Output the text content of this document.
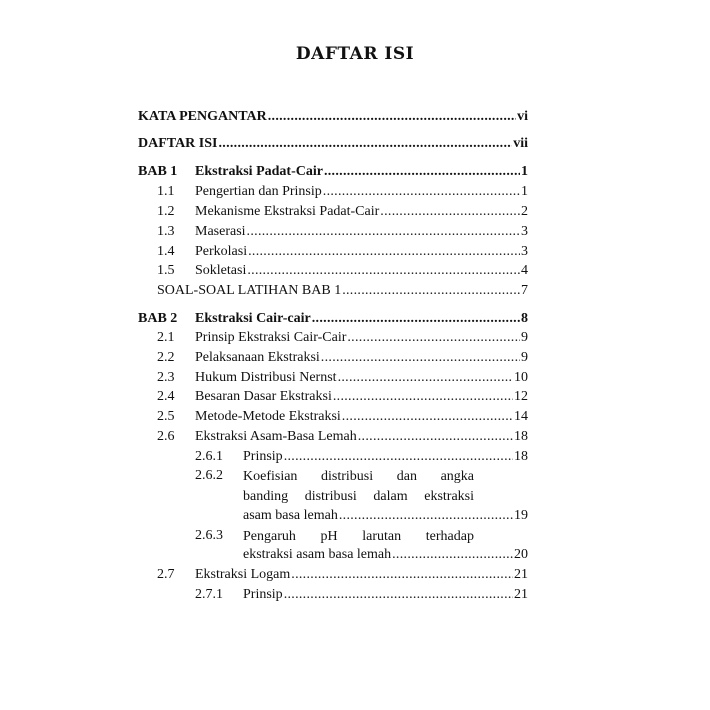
DAFTAR ISI
KATA PENGANTAR .....	vi
DAFTAR ISI .....	vii
BAB 1	Ekstraksi Padat-Cair .....	1
1.1	Pengertian dan Prinsip .....	1
1.2	Mekanisme Ekstraksi Padat-Cair .....	2
1.3	Maserasi .....	3
1.4	Perkolasi .....	3
1.5	Sokletasi .....	4
SOAL-SOAL LATIHAN BAB 1 .....	7
BAB 2	Ekstraksi Cair-cair .....	8
2.1	Prinsip Ekstraksi Cair-Cair .....	9
2.2	Pelaksanaan Ekstraksi .....	9
2.3	Hukum Distribusi Nernst .....	10
2.4	Besaran Dasar Ekstraksi .....	12
2.5	Metode-Metode Ekstraksi .....	14
2.6	Ekstraksi Asam-Basa Lemah .....	18
2.6.1	Prinsip .....	18
2.6.2 Koefisian distribusi dan angka
banding distribusi dalam ekstraksi
asam basa lemah .....	19
2.6.3 Pengaruh pH larutan terhadap
ekstraksi asam basa lemah .....	20
2.7	Ekstraksi Logam .....	21
2.7.1	Prinsip .....	21
